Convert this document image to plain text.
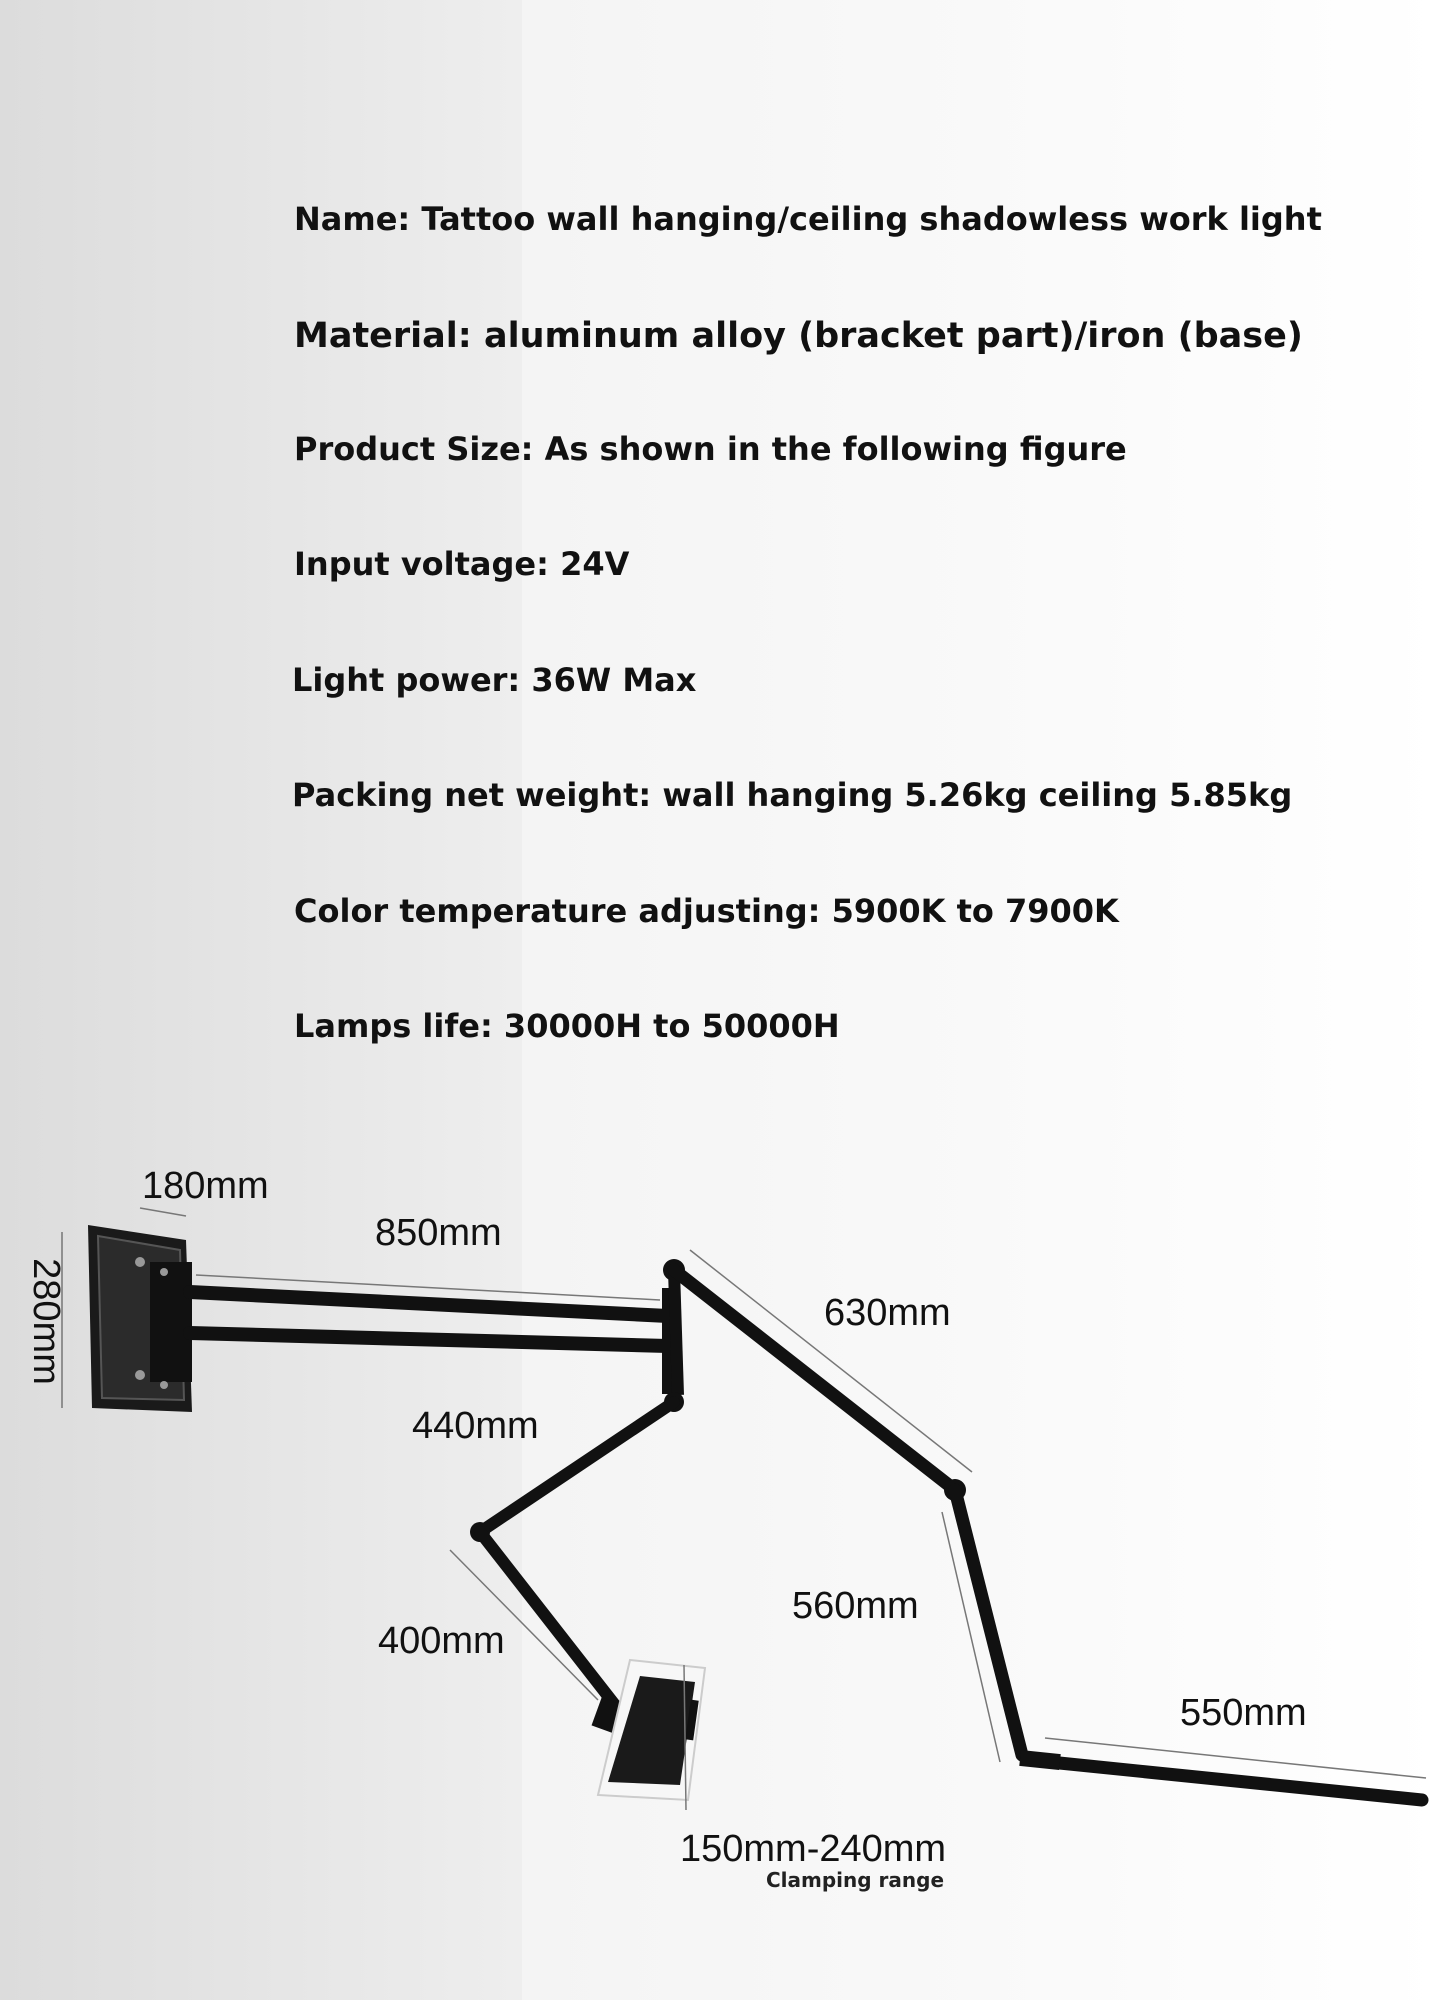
Name: Tattoo wall hanging/ceiling shadowless work light

Material: aluminum alloy (bracket part)/iron (base)

Product Size: As shown in the following figure

Input voltage: 24V

Light power: 36W Max

Packing net weight: wall hanging 5.26kg ceiling 5.85kg

Color temperature adjusting: 5900K to 7900K

Lamps life: 30000H to 50000H

180mm
280mm
850mm
630mm
440mm
400mm
560mm
550mm
150mm-240mm
Clamping range
